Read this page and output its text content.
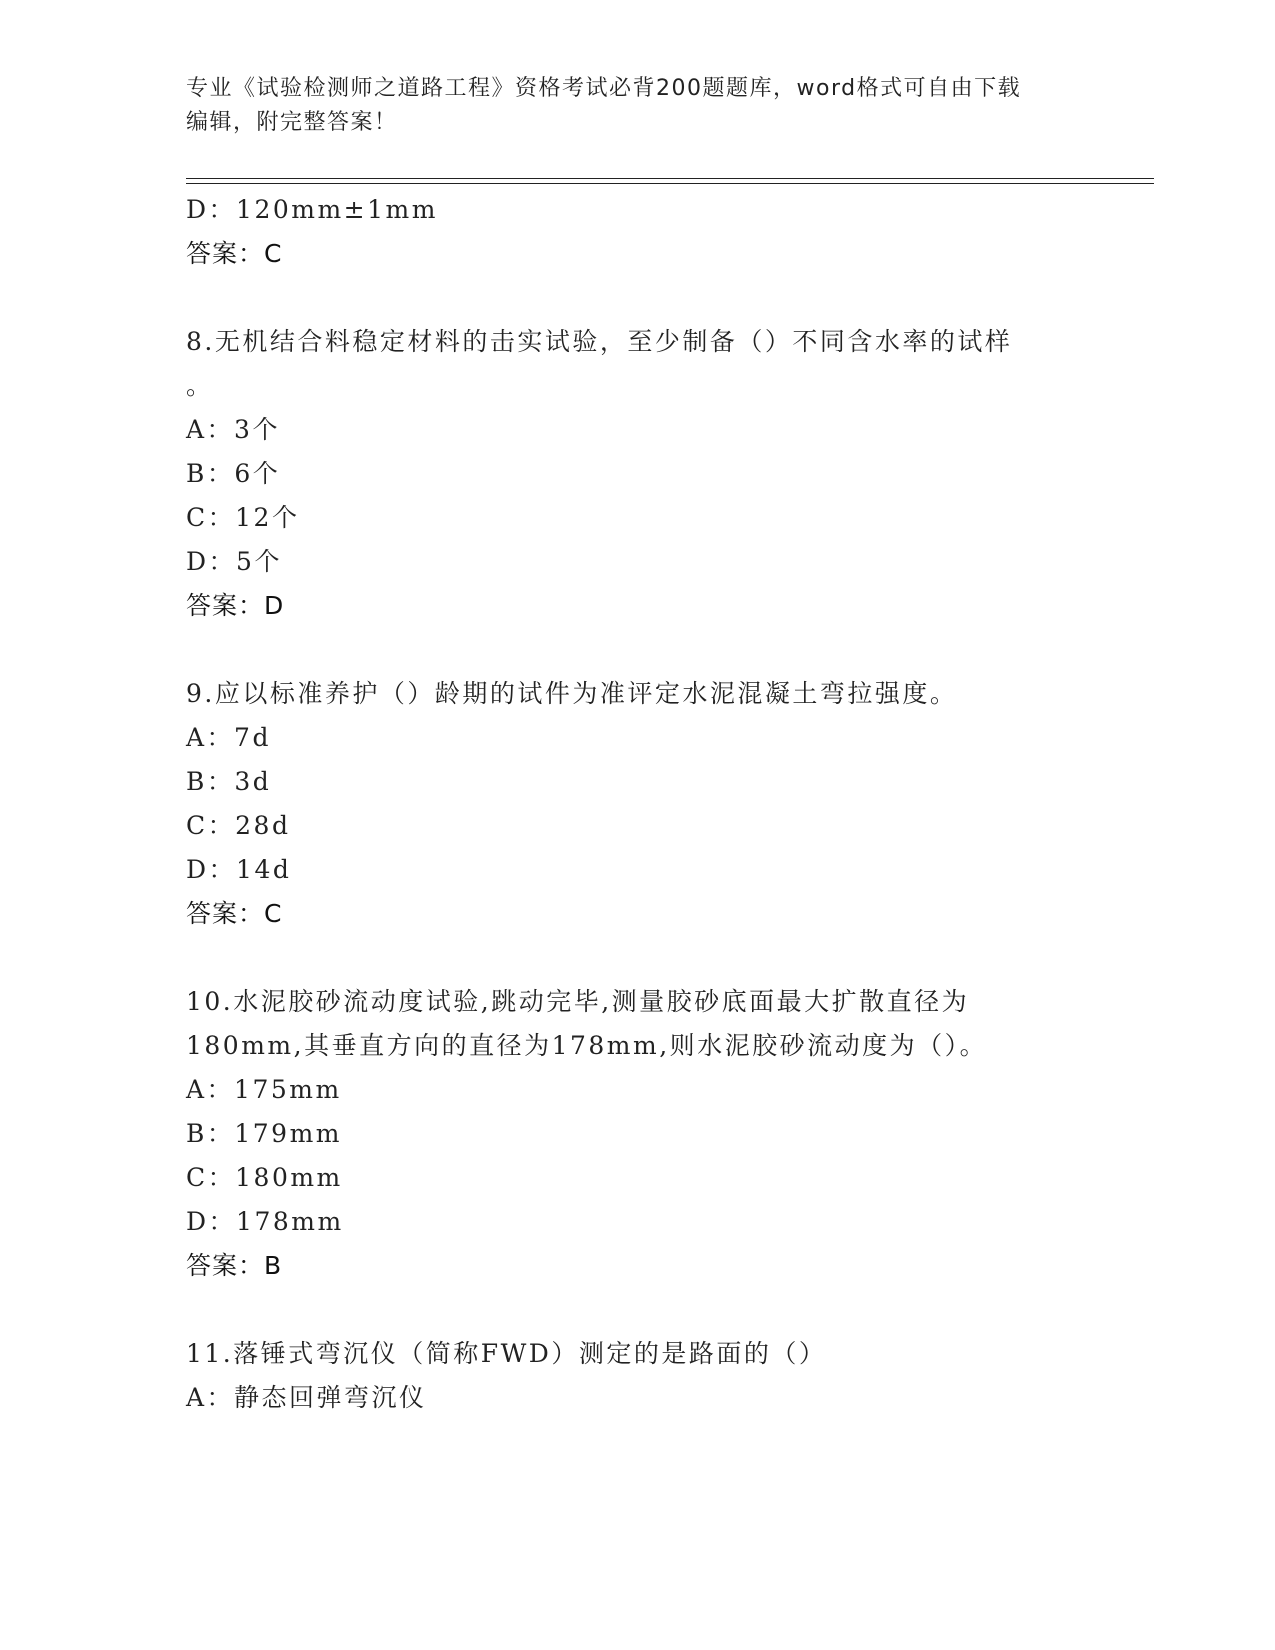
专业《试验检测师之道路工程》资格考试必背200题题库，word格式可自由下载
编辑，附完整答案！
D：120mm±1mm
答案：C
8.无机结合料稳定材料的击实试验，至少制备（）不同含水率的试样
。
A：3个
B：6个
C：12个
D：5个
答案：D
9.应以标准养护（）龄期的试件为准评定水泥混凝土弯拉强度。
A：7d
B：3d
C：28d
D：14d
答案：C
10.水泥胶砂流动度试验,跳动完毕,测量胶砂底面最大扩散直径为
180mm,其垂直方向的直径为178mm,则水泥胶砂流动度为（）。
A：175mm
B：179mm
C：180mm
D：178mm
答案：B
11.落锤式弯沉仪（简称FWD）测定的是路面的（）
A：静态回弹弯沉仪
